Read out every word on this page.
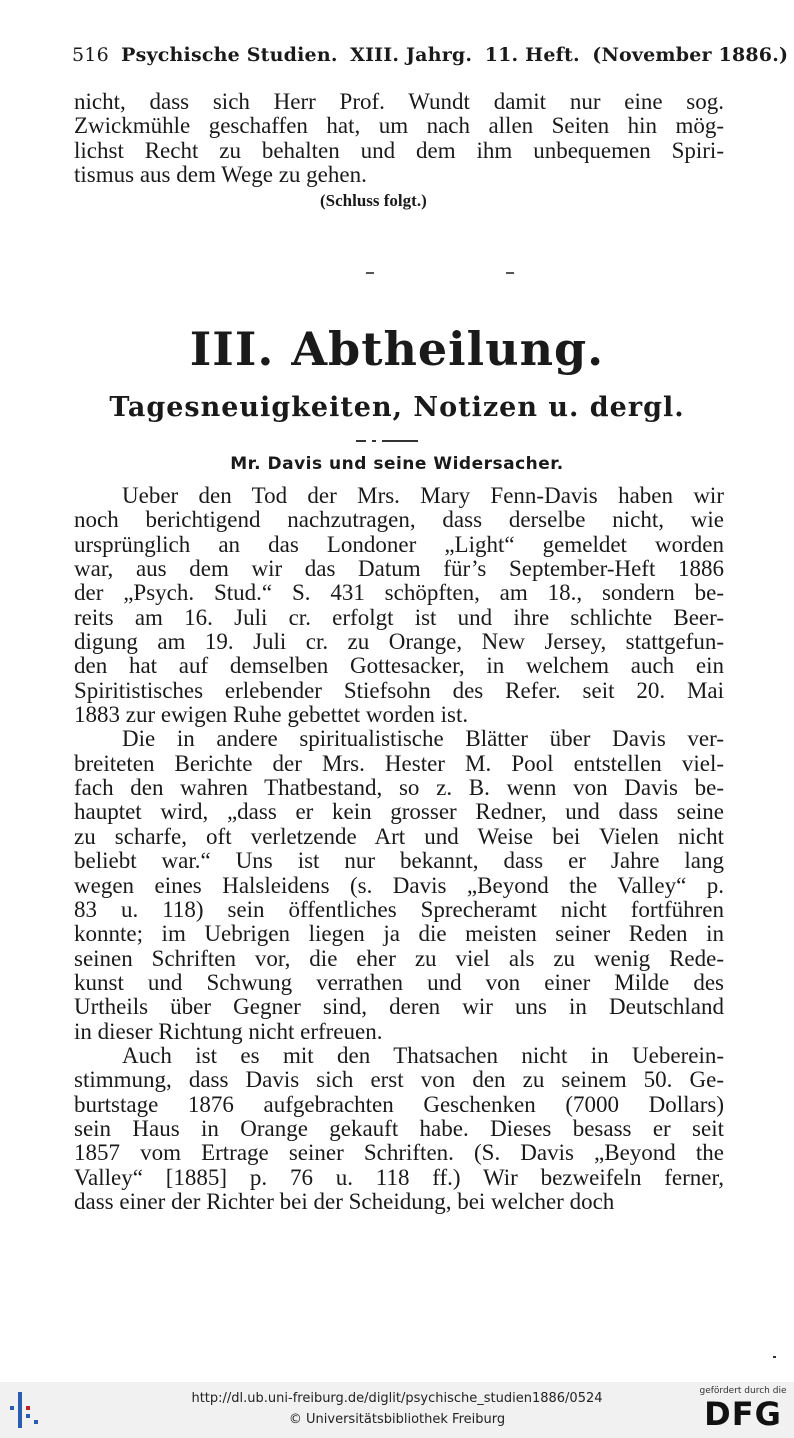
516 Psychische Studien. XIII. Jahrg. 11. Heft. (November 1886.)
nicht, dass sich Herr Prof. Wundt damit nur eine sog.
Zwickmühle geschaffen hat, um nach allen Seiten hin mög-
lichst Recht zu behalten und dem ihm unbequemen Spiri-
tismus aus dem Wege zu gehen.
(Schluss folgt.)
III. Abtheilung.
Tagesneuigkeiten, Notizen u. dergl.
Mr. Davis und seine Widersacher.
Ueber den Tod der Mrs. Mary Fenn-Davis haben wir
noch berichtigend nachzutragen, dass derselbe nicht, wie
ursprünglich an das Londoner „Light“ gemeldet worden
war, aus dem wir das Datum für’s September-Heft 1886
der „Psych. Stud.“ S. 431 schöpften, am 18., sondern be-
reits am 16. Juli cr. erfolgt ist und ihre schlichte Beer-
digung am 19. Juli cr. zu Orange, New Jersey, stattgefun-
den hat auf demselben Gottesacker, in welchem auch ein
Spiritistisches erlebender Stiefsohn des Refer. seit 20. Mai
1883 zur ewigen Ruhe gebettet worden ist.
Die in andere spiritualistische Blätter über Davis ver-
breiteten Berichte der Mrs. Hester M. Pool entstellen viel-
fach den wahren Thatbestand, so z. B. wenn von Davis be-
hauptet wird, „dass er kein grosser Redner, und dass seine
zu scharfe, oft verletzende Art und Weise bei Vielen nicht
beliebt war.“ Uns ist nur bekannt, dass er Jahre lang
wegen eines Halsleidens (s. Davis „Beyond the Valley“ p.
83 u. 118) sein öffentliches Sprecheramt nicht fortführen
konnte; im Uebrigen liegen ja die meisten seiner Reden in
seinen Schriften vor, die eher zu viel als zu wenig Rede-
kunst und Schwung verrathen und von einer Milde des
Urtheils über Gegner sind, deren wir uns in Deutschland
in dieser Richtung nicht erfreuen.
Auch ist es mit den Thatsachen nicht in Ueberein-
stimmung, dass Davis sich erst von den zu seinem 50. Ge-
burtstage 1876 aufgebrachten Geschenken (7000 Dollars)
sein Haus in Orange gekauft habe. Dieses besass er seit
1857 vom Ertrage seiner Schriften. (S. Davis „Beyond the
Valley“ [1885] p. 76 u. 118 ff.) Wir bezweifeln ferner,
dass einer der Richter bei der Scheidung, bei welcher doch
http://dl.ub.uni-freiburg.de/diglit/psychische_studien1886/0524
© Universitätsbibliothek Freiburg
gefördert durch die
DFG
